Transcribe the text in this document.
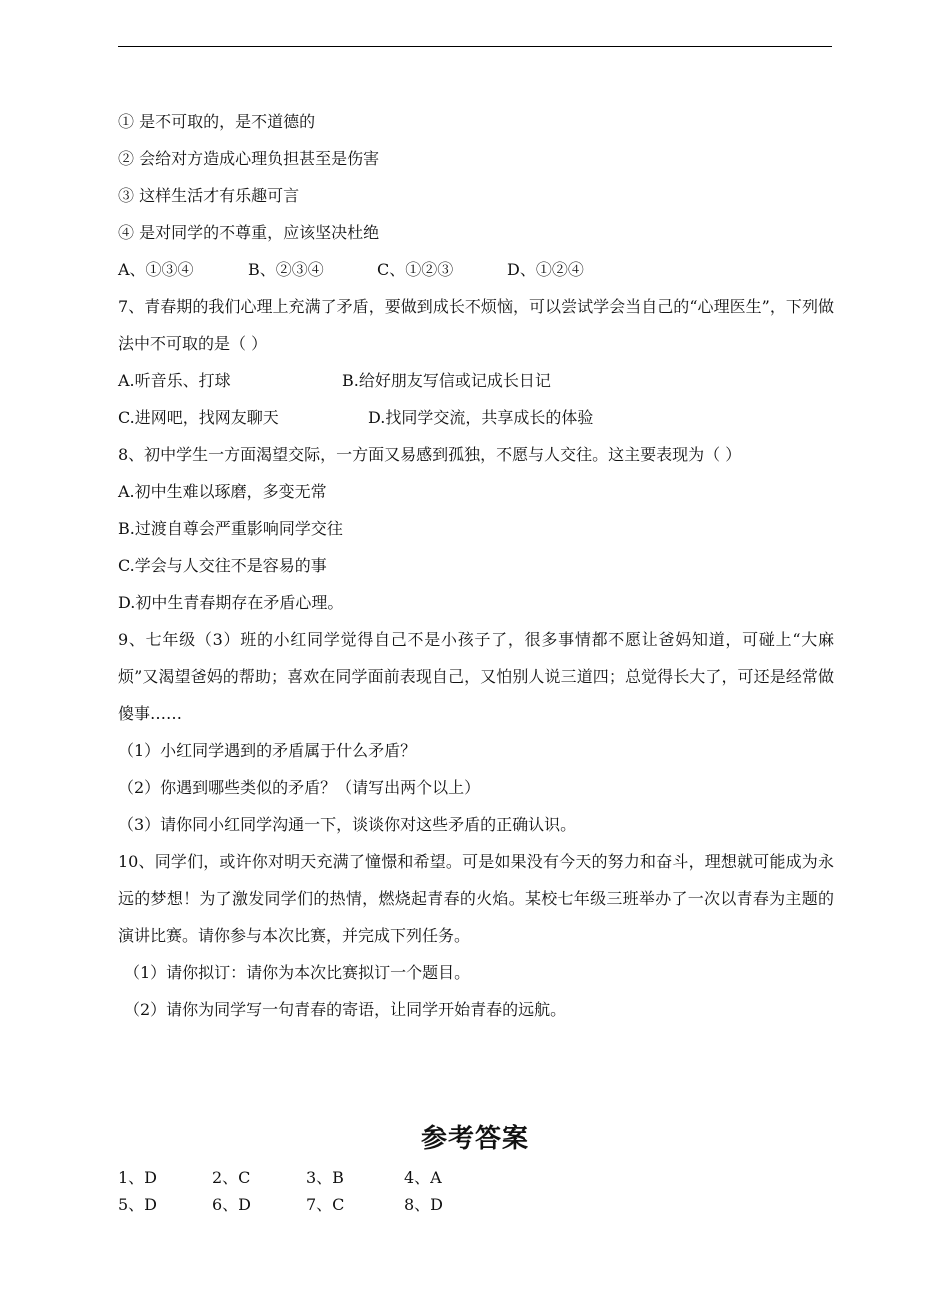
① 是不可取的，是不道德的
② 会给对方造成心理负担甚至是伤害
③ 这样生活才有乐趣可言
④ 是对同学的不尊重，应该坚决杜绝
A、①③④	B、②③④	C、①②③	D、①②④
7、青春期的我们心理上充满了矛盾，要做到成长不烦恼，可以尝试学会当自己的“心理医生”，下列做法中不可取的是（ ）
A.听音乐、打球	B.给好朋友写信或记成长日记
C.进网吧，找网友聊天	D.找同学交流，共享成长的体验
8、初中学生一方面渴望交际，一方面又易感到孤独，不愿与人交往。这主要表现为（ ）
A.初中生难以琢磨，多变无常
B.过渡自尊会严重影响同学交往
C.学会与人交往不是容易的事
D.初中生青春期存在矛盾心理。
9、七年级（3）班的小红同学觉得自己不是小孩子了，很多事情都不愿让爸妈知道，可碰上“大麻烦”又渴望爸妈的帮助；喜欢在同学面前表现自己，又怕别人说三道四；总觉得长大了，可还是经常做傻事……
（1）小红同学遇到的矛盾属于什么矛盾？
（2）你遇到哪些类似的矛盾？（请写出两个以上）
（3）请你同小红同学沟通一下，谈谈你对这些矛盾的正确认识。
10、同学们，或许你对明天充满了憧憬和希望。可是如果没有今天的努力和奋斗，理想就可能成为永远的梦想！为了激发同学们的热情，燃烧起青春的火焰。某校七年级三班举办了一次以青春为主题的演讲比赛。请你参与本次比赛，并完成下列任务。
（1）请你拟订：请你为本次比赛拟订一个题目。
（2）请你为同学写一句青春的寄语，让同学开始青春的远航。
参考答案
1、D	2、C	3、B	4、A
5、D	6、D	7、C	8、D
